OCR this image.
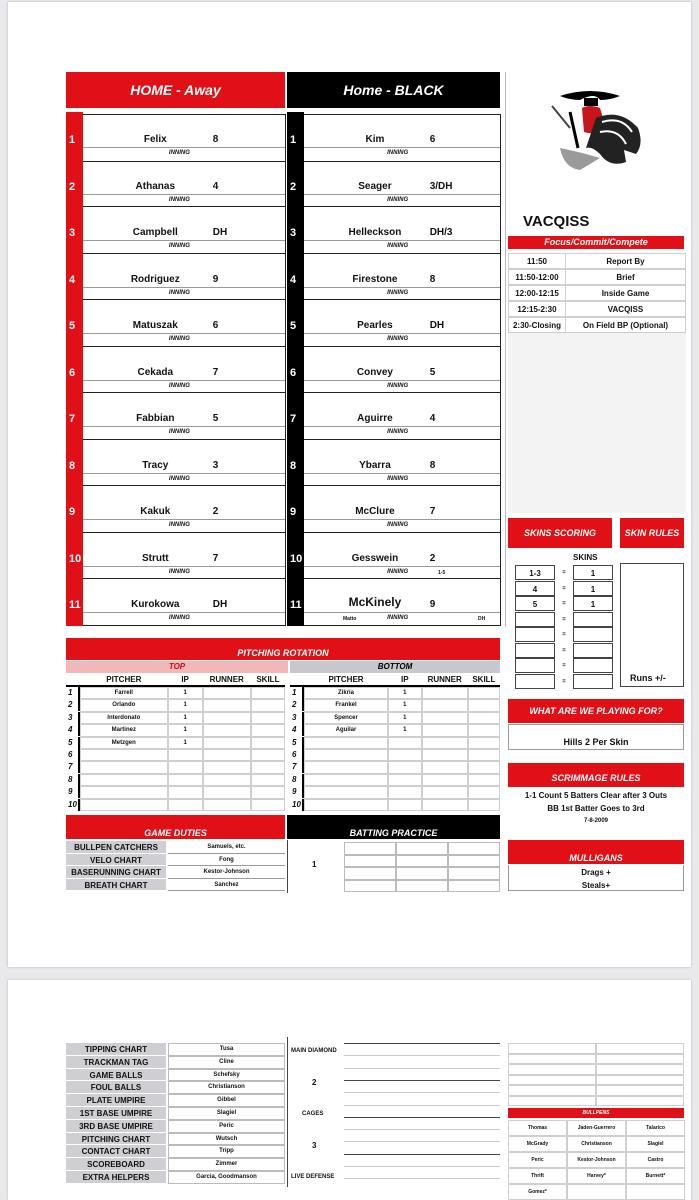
HOME - Away
1	Felix	8
INNING
2	Athanas	4
INNING
3	Campbell	DH
INNING
4	Rodriguez	9
INNING
5	Matuszak	6
INNING
6	Cekada	7
INNING
7	Fabbian	5
INNING
8	Tracy	3
INNING
9	Kakuk	2
INNING
10	Strutt	7
INNING
11	Kurokowa	DH
INNING
Home - BLACK
1	Kim	6
INNING
2	Seager	3/DH
INNING
3	Helleckson	DH/3
INNING
4	Firestone	8
INNING
5	Pearles	DH
INNING
6	Convey	5
INNING
7	Aguirre	4
INNING
8	Ybarra	8
INNING
9	McClure	7
INNING
10	Gesswein	2
INNING
11	McKinely	9
INNING
1-5
Matto	DH
VACQISS
Focus/Commit/Compete
11:50	Report By
11:50-12:00	Brief
12:00-12:15	Inside Game
12:15-2:30	VACQISS
2:30-Closing	On Field BP (Optional)
SKINS SCORING	SKIN RULES
SKINS
1-3	=	1
4	=	1
5	=	1
=
=
=
=
=	Runs +/-
WHAT ARE WE PLAYING FOR?
Hills 2 Per Skin
SCRIMMAGE RULES
1-1 Count 5 Batters Clear after 3 Outs
BB 1st Batter Goes to 3rd
7-8-2009
MULLIGANS
Drags +
Steals+
PITCHING ROTATION
TOP	BOTTOM
PITCHER	IP	RUNNER	SKILL
1	Farrell	1
2	Orlando	1
3	Interdonato	1
4	Martinez	1
5	Metzgen	1
6
7
8
9
10
PITCHER	IP	RUNNER	SKILL
1	Zikria	1
2	Frankel	1
3	Spencer	1
4	Aguilar	1
5
6
7
8
9
10
GAME DUTIES
BULLPEN CATCHERS	Samuels, etc.
VELO CHART	Fong
BASERUNNING CHART	Kestor-Johnson
BREATH CHART	Sanchez
BATTING PRACTICE
1
TIPPING CHART	Tusa
TRACKMAN TAG	Cline
GAME BALLS	Schefsky
FOUL BALLS	Christianson
PLATE UMPIRE	Gibbel
1ST BASE UMPIRE	Slagiel
3RD BASE UMPIRE	Peric
PITCHING CHART	Wutsch
CONTACT CHART	Tripp
SCOREBOARD	Zimmer
EXTRA HELPERS	Garcia, Goodmanson
MAIN DIAMOND
2
CAGES
3
LIVE DEFENSE
BULLPENS
Thomas	Jaden-Guerrero	Talarico
McGrady	Christianson	Slagiel
Peric	Kestor-Johnson	Castro
Thrift	Harvey*	Burnett*
Gomez*
